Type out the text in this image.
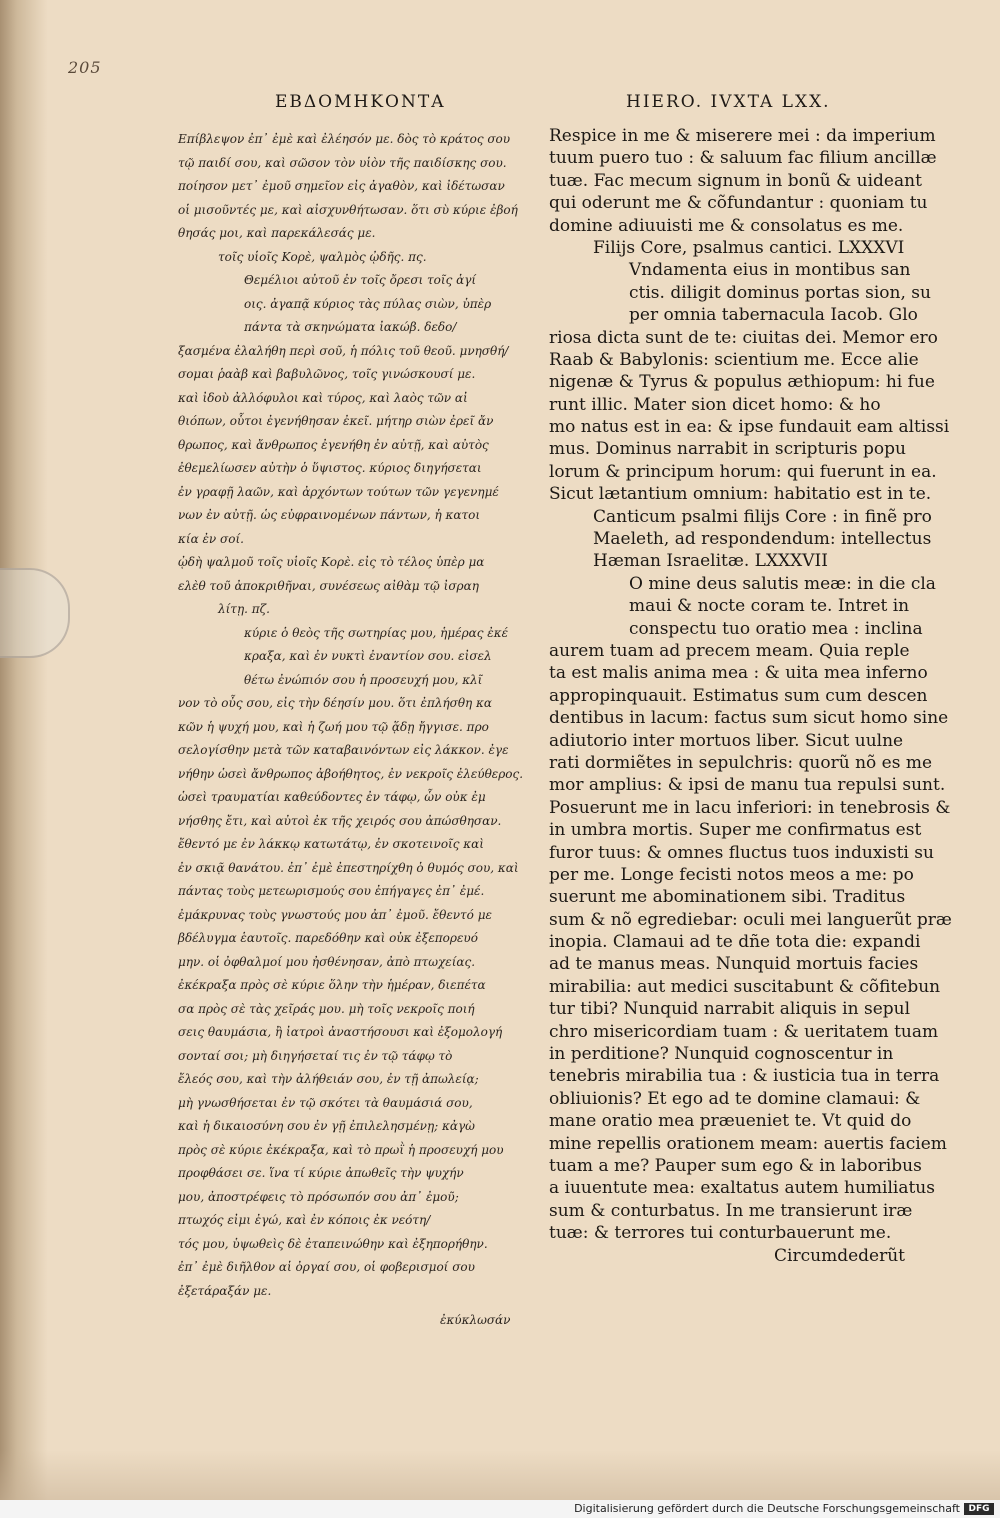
205
ΕΒΔΟΜΗΚΟΝΤΑ	HIERO. IVXTA LXX.
Επίβλεψον ἐπ᾽ ἐμὲ καὶ ἐλέησόν με. δὸς τὸ κράτος σου
τῷ παιδί σου, καὶ σῶσον τὸν υἱὸν τῆς παιδίσκης σου.
ποίησον μετ᾽ ἐμοῦ σημεῖον εἰς ἀγαθὸν, καὶ ἰδέτωσαν
οἱ μισοῦντές με, καὶ αἰσχυνθήτωσαν. ὅτι σὺ κύριε ἐβοή
θησάς μοι, καὶ παρεκάλεσάς με.
τοῖς υἱοῖς Κορὲ, ψαλμὸς ᾠδῆς. πς.
Θεμέλιοι αὐτοῦ ἐν τοῖς ὄρεσι τοῖς ἁγί
οις. ἀγαπᾷ κύριος τὰς πύλας σιὼν, ὑπὲρ
πάντα τὰ σκηνώματα ἰακώβ. δεδο/
ξασμένα ἐλαλήθη περὶ σοῦ, ἡ πόλις τοῦ θεοῦ. μνησθή/
σομαι ῥαὰβ καὶ βαβυλῶνος, τοῖς γινώσκουσί με.
καὶ ἰδοὺ ἀλλόφυλοι καὶ τύρος, καὶ λαὸς τῶν αἰ
θιόπων, οὗτοι ἐγενήθησαν ἐκεῖ. μήτηρ σιὼν ἐρεῖ ἄν
θρωπος, καὶ ἄνθρωπος ἐγενήθη ἐν αὐτῇ, καὶ αὐτὸς
ἐθεμελίωσεν αὐτὴν ὁ ὕψιστος. κύριος διηγήσεται
ἐν γραφῇ λαῶν, καὶ ἀρχόντων τούτων τῶν γεγενημέ
νων ἐν αὐτῇ. ὡς εὐφραινομένων πάντων, ἡ κατοι
κία ἐν σοί.
ᾠδὴ ψαλμοῦ τοῖς υἱοῖς Κορὲ. εἰς τὸ τέλος ὑπὲρ μα
ελὲθ τοῦ ἀποκριθῆναι, συνέσεως αἰθὰμ τῷ ἰσραη
λίτῃ. πζ.
κύριε ὁ θεὸς τῆς σωτηρίας μου, ἡμέρας ἐκέ
κραξα, καὶ ἐν νυκτὶ ἐναντίον σου. εἰσελ
θέτω ἐνώπιόν σου ἡ προσευχή μου, κλῖ
νον τὸ οὖς σου, εἰς τὴν δέησίν μου. ὅτι ἐπλήσθη κα
κῶν ἡ ψυχή μου, καὶ ἡ ζωή μου τῷ ᾅδῃ ἤγγισε. προ
σελογίσθην μετὰ τῶν καταβαινόντων εἰς λάκκον. ἐγε
νήθην ὡσεὶ ἄνθρωπος ἀβοήθητος, ἐν νεκροῖς ἐλεύθερος.
ὡσεὶ τραυματίαι καθεύδοντες ἐν τάφῳ, ὧν οὐκ ἐμ
νήσθης ἔτι, καὶ αὐτοὶ ἐκ τῆς χειρός σου ἀπώσθησαν.
ἔθεντό με ἐν λάκκῳ κατωτάτῳ, ἐν σκοτεινοῖς καὶ
ἐν σκιᾷ θανάτου. ἐπ᾽ ἐμὲ ἐπεστηρίχθη ὁ θυμός σου, καὶ
πάντας τοὺς μετεωρισμούς σου ἐπήγαγες ἐπ᾽ ἐμέ.
ἐμάκρυνας τοὺς γνωστούς μου ἀπ᾽ ἐμοῦ. ἔθεντό με
βδέλυγμα ἑαυτοῖς. παρεδόθην καὶ οὐκ ἐξεπορευό
μην. οἱ ὀφθαλμοί μου ἠσθένησαν, ἀπὸ πτωχείας.
ἐκέκραξα πρὸς σὲ κύριε ὅλην τὴν ἡμέραν, διεπέτα
σα πρὸς σὲ τὰς χεῖράς μου. μὴ τοῖς νεκροῖς ποιή
σεις θαυμάσια, ἢ ἰατροὶ ἀναστήσουσι καὶ ἐξομολογή
σονταί σοι; μὴ διηγήσεταί τις ἐν τῷ τάφῳ τὸ
ἔλεός σου, καὶ τὴν ἀλήθειάν σου, ἐν τῇ ἀπωλείᾳ;
μὴ γνωσθήσεται ἐν τῷ σκότει τὰ θαυμάσιά σου,
καὶ ἡ δικαιοσύνη σου ἐν γῇ ἐπιλελησμένῃ; κἀγὼ
πρὸς σὲ κύριε ἐκέκραξα, καὶ τὸ πρωῒ ἡ προσευχή μου
προφθάσει σε. ἵνα τί κύριε ἀπωθεῖς τὴν ψυχήν
μου, ἀποστρέφεις τὸ πρόσωπόν σου ἀπ᾽ ἐμοῦ;
πτωχός εἰμι ἐγώ, καὶ ἐν κόποις ἐκ νεότη/
τός μου, ὑψωθεὶς δὲ ἐταπεινώθην καὶ ἐξηπορήθην.
ἐπ᾽ ἐμὲ διῆλθον αἱ ὀργαί σου, οἱ φοβερισμοί σου
ἐξετάραξάν με.
ἐκύκλωσάν
Respice in me & miserere mei : da imperium
tuum puero tuo : & saluum fac filium ancillæ
tuæ. Fac mecum signum in bonũ & uideant
qui oderunt me & cõfundantur : quoniam tu
domine adiuuisti me & consolatus es me.
Filijs Core, psalmus cantici. LXXXVI
Vndamenta eius in montibus san
ctis. diligit dominus portas sion, su
per omnia tabernacula Iacob. Glo
riosa dicta sunt de te: ciuitas dei. Memor ero
Raab & Babylonis: scientium me. Ecce alie
nigenæ & Tyrus & populus æthiopum: hi fue
runt illic. Mater sion dicet homo: & ho
mo natus est in ea: & ipse fundauit eam altissi
mus. Dominus narrabit in scripturis popu
lorum & principum horum: qui fuerunt in ea.
Sicut lætantium omnium: habitatio est in te.
Canticum psalmi filijs Core : in finẽ pro
Maeleth, ad respondendum: intellectus
Hæman Israelitæ. LXXXVII
O mine deus salutis meæ: in die cla
maui & nocte coram te. Intret in
conspectu tuo oratio mea : inclina
aurem tuam ad precem meam. Quia reple
ta est malis anima mea : & uita mea inferno
appropinquauit. Estimatus sum cum descen
dentibus in lacum: factus sum sicut homo sine
adiutorio inter mortuos liber. Sicut uulne
rati dormiẽtes in sepulchris: quorũ nõ es me
mor amplius: & ipsi de manu tua repulsi sunt.
Posuerunt me in lacu inferiori: in tenebrosis &
in umbra mortis. Super me confirmatus est
furor tuus: & omnes fluctus tuos induxisti su
per me. Longe fecisti notos meos a me: po
suerunt me abominationem sibi. Traditus
sum & nõ egrediebar: oculi mei languerũt præ
inopia. Clamaui ad te dñe tota die: expandi
ad te manus meas. Nunquid mortuis facies
mirabilia: aut medici suscitabunt & cõfitebun
tur tibi? Nunquid narrabit aliquis in sepul
chro misericordiam tuam : & ueritatem tuam
in perditione? Nunquid cognoscentur in
tenebris mirabilia tua : & iusticia tua in terra
obliuionis? Et ego ad te domine clamaui: &
mane oratio mea præueniet te. Vt quid do
mine repellis orationem meam: auertis faciem
tuam a me? Pauper sum ego & in laboribus
a iuuentute mea: exaltatus autem humiliatus
sum & conturbatus. In me transierunt iræ
tuæ: & terrores tui conturbauerunt me.
Circumdederũt
Digitalisierung gefördert durch die Deutsche Forschungsgemeinschaft DFG
